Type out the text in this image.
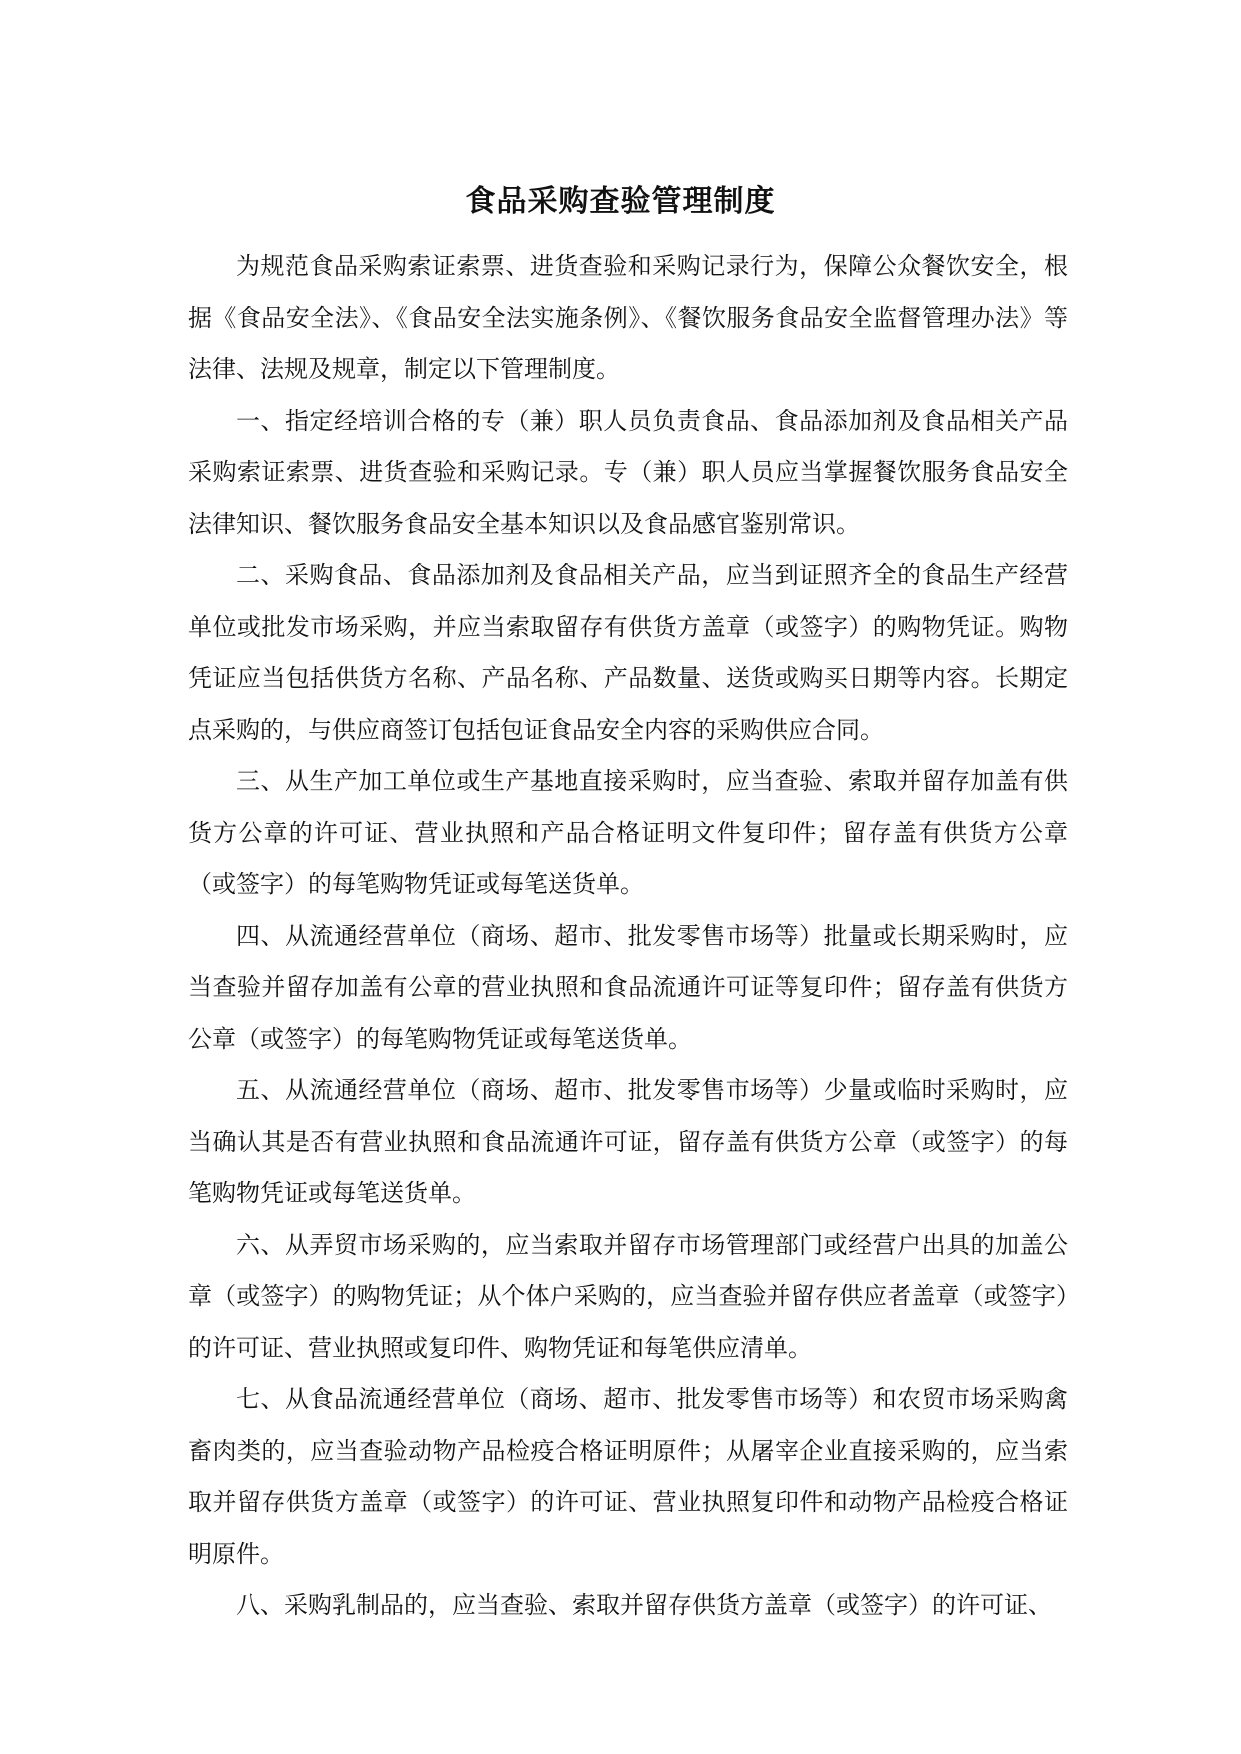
食品采购查验管理制度

为规范食品采购索证索票、进货查验和采购记录行为，保障公众餐饮安全，根据《食品安全法》、《食品安全法实施条例》、《餐饮服务食品安全监督管理办法》等法律、法规及规章，制定以下管理制度。

一、指定经培训合格的专（兼）职人员负责食品、食品添加剂及食品相关产品采购索证索票、进货查验和采购记录。专（兼）职人员应当掌握餐饮服务食品安全法律知识、餐饮服务食品安全基本知识以及食品感官鉴别常识。

二、采购食品、食品添加剂及食品相关产品，应当到证照齐全的食品生产经营单位或批发市场采购，并应当索取留存有供货方盖章（或签字）的购物凭证。购物凭证应当包括供货方名称、产品名称、产品数量、送货或购买日期等内容。长期定点采购的，与供应商签订包括包证食品安全内容的采购供应合同。

三、从生产加工单位或生产基地直接采购时，应当查验、索取并留存加盖有供货方公章的许可证、营业执照和产品合格证明文件复印件；留存盖有供货方公章（或签字）的每笔购物凭证或每笔送货单。

四、从流通经营单位（商场、超市、批发零售市场等）批量或长期采购时，应当查验并留存加盖有公章的营业执照和食品流通许可证等复印件；留存盖有供货方公章（或签字）的每笔购物凭证或每笔送货单。

五、从流通经营单位（商场、超市、批发零售市场等）少量或临时采购时，应当确认其是否有营业执照和食品流通许可证，留存盖有供货方公章（或签字）的每笔购物凭证或每笔送货单。

六、从弄贸市场采购的，应当索取并留存市场管理部门或经营户出具的加盖公章（或签字）的购物凭证；从个体户采购的，应当查验并留存供应者盖章（或签字）的许可证、营业执照或复印件、购物凭证和每笔供应清单。

七、从食品流通经营单位（商场、超市、批发零售市场等）和农贸市场采购禽畜肉类的，应当查验动物产品检疫合格证明原件；从屠宰企业直接采购的，应当索取并留存供货方盖章（或签字）的许可证、营业执照复印件和动物产品检疫合格证明原件。

八、采购乳制品的，应当查验、索取并留存供货方盖章（或签字）的许可证、
